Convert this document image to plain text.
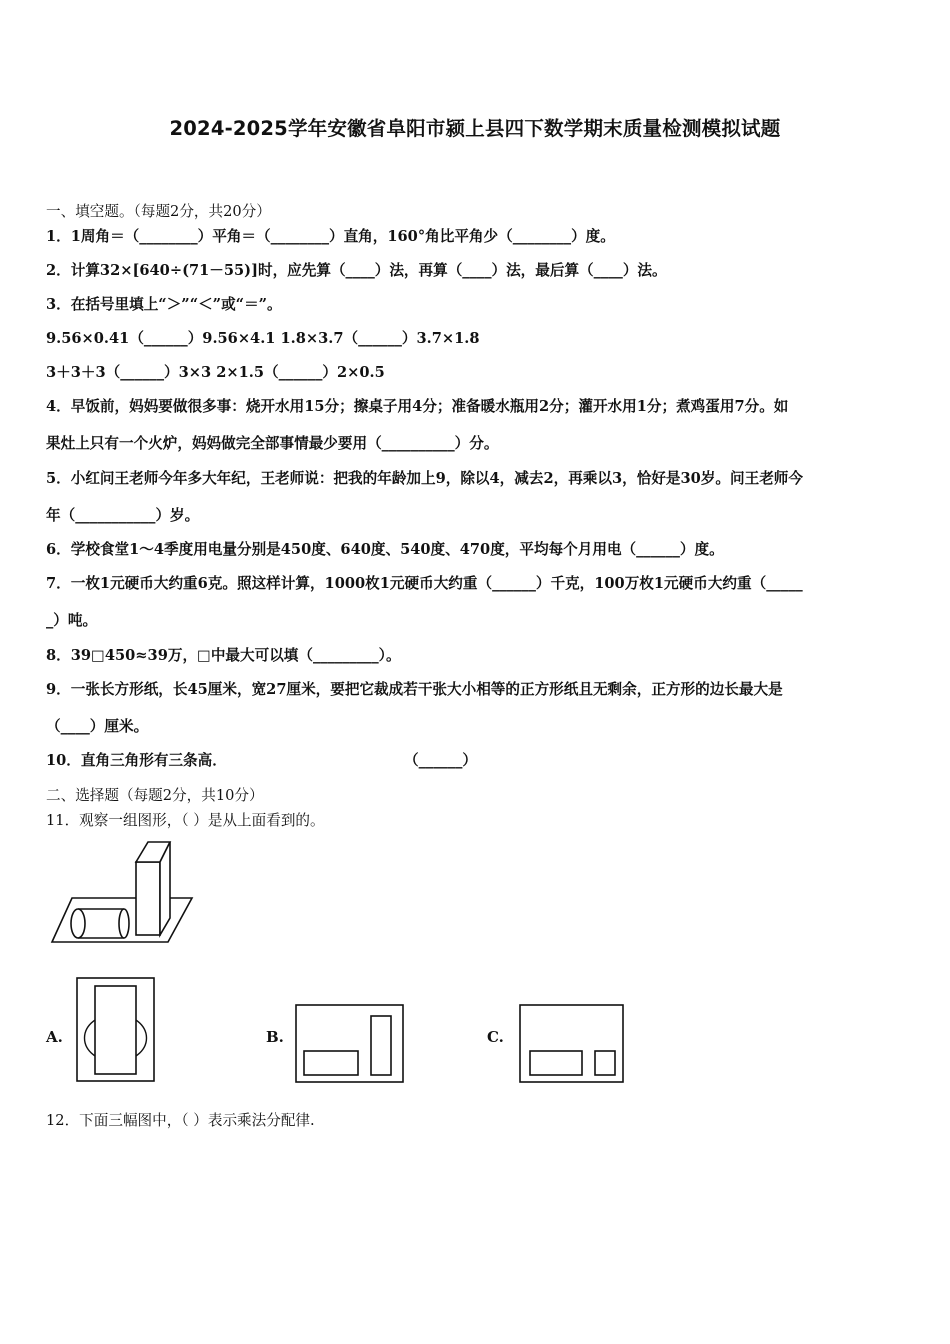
2024-2025学年安徽省阜阳市颍上县四下数学期末质量检测模拟试题
一、填空题。（每题2分，共20分）
1．1周角＝（________）平角＝（________）直角，160°角比平角少（________）度。
2．计算32×[640÷(71－55)]时，应先算（____）法，再算（____）法，最后算（____）法。
3．在括号里填上“＞”“＜”或“＝”。
9.56×0.41（______）9.56×4.1 1.8×3.7（______）3.7×1.8
3＋3＋3（______）3×3 2×1.5（______）2×0.5
4．早饭前，妈妈要做很多事：烧开水用15分；擦桌子用4分；准备暖水瓶用2分；灌开水用1分；煮鸡蛋用7分。如
果灶上只有一个火炉，妈妈做完全部事情最少要用（__________）分。
5．小红问王老师今年多大年纪，王老师说：把我的年龄加上9，除以4，减去2，再乘以3，恰好是30岁。问王老师今
年（___________）岁。
6．学校食堂1～4季度用电量分别是450度、640度、540度、470度，平均每个月用电（______）度。
7．一枚1元硬币大约重6克。照这样计算，1000枚1元硬币大约重（______）千克，100万枚1元硬币大约重（_____
_）吨。
8．39□450≈39万，□中最大可以填（_________）。
9．一张长方形纸，长45厘米，宽27厘米，要把它裁成若干张大小相等的正方形纸且无剩余，正方形的边长最大是
（____）厘米。
10．直角三角形有三条高．	（______）
二、选择题（每题2分，共10分）
11．观察一组图形，（ ）是从上面看到的。
A.	B.	C.
12．下面三幅图中，（ ）表示乘法分配律.
